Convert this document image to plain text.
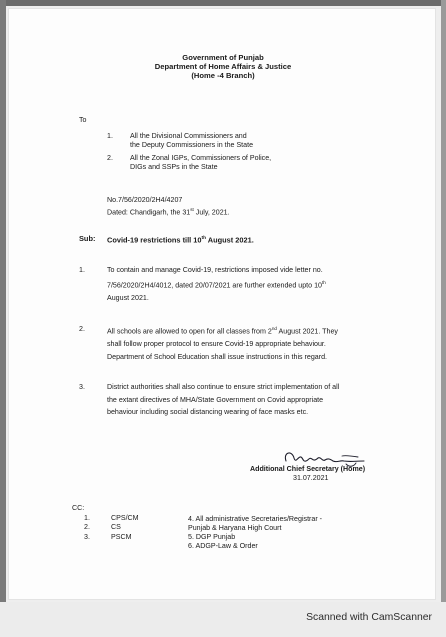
Government of Punjab
Department of Home Affairs & Justice
(Home -4 Branch)
To
1. All the Divisional Commissioners and
the Deputy Commissioners in the State
2. All the Zonal IGPs, Commissioners of Police,
DIGs and SSPs in the State
No.7/56/2020/2H4/4207
Dated: Chandigarh, the 31st July, 2021.
Sub: Covid-19 restrictions till 10th August 2021.
1.	To contain and manage Covid-19, restrictions imposed vide letter no.
7/56/2020/2H4/4012, dated 20/07/2021 are further extended upto 10th
August 2021.
2.	All schools are allowed to open for all classes from 2nd August 2021. They
shall follow proper protocol to ensure Covid-19 appropriate behaviour.
Department of School Education shall issue instructions in this regard.
3.	District authorities shall also continue to ensure strict implementation of all
the extant directives of MHA/State Government on Covid appropriate
behaviour including social distancing wearing of face masks etc.
Additional Chief Secretary (Home)
31.07.2021
CC:
1.	CPS/CM
2.	CS
3.	PSCM
4. All administrative Secretaries/Registrar -
Punjab & Haryana High Court
5. DGP Punjab
6. ADGP-Law & Order
Scanned with CamScanner
